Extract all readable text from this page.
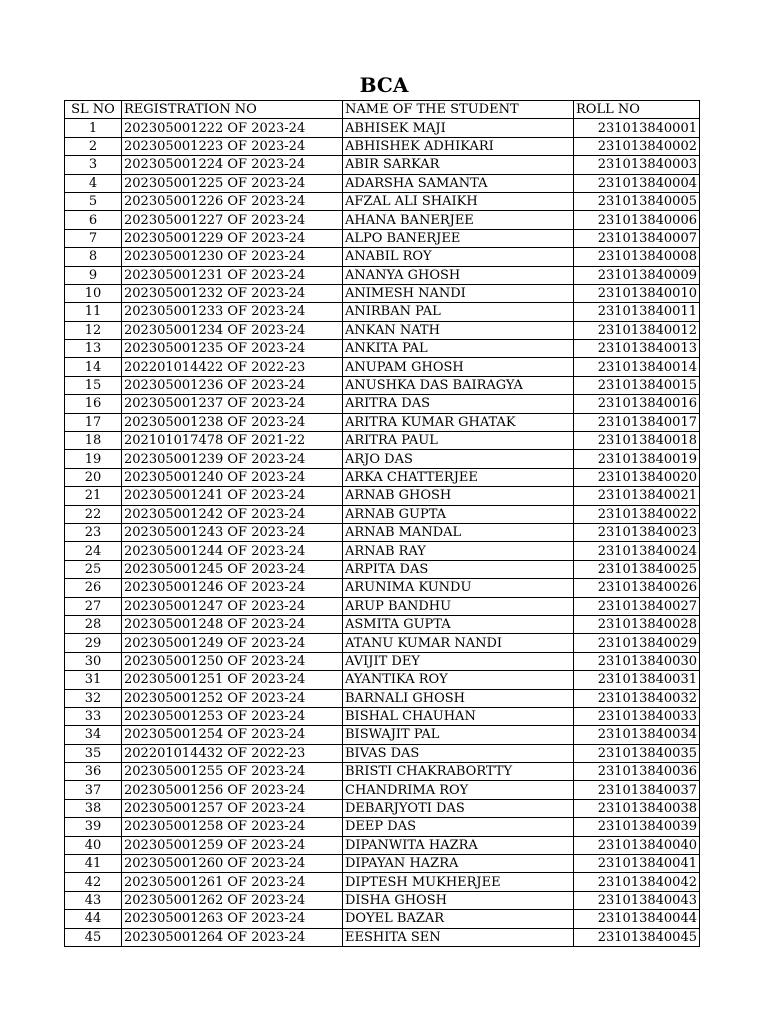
BCA
SL NO	REGISTRATION NO	NAME OF THE STUDENT	ROLL NO
1	202305001222 OF 2023-24	ABHISEK MAJI	231013840001
2	202305001223 OF 2023-24	ABHISHEK ADHIKARI	231013840002
3	202305001224 OF 2023-24	ABIR SARKAR	231013840003
4	202305001225 OF 2023-24	ADARSHA SAMANTA	231013840004
5	202305001226 OF 2023-24	AFZAL ALI SHAIKH	231013840005
6	202305001227 OF 2023-24	AHANA BANERJEE	231013840006
7	202305001229 OF 2023-24	ALPO BANERJEE	231013840007
8	202305001230 OF 2023-24	ANABIL ROY	231013840008
9	202305001231 OF 2023-24	ANANYA GHOSH	231013840009
10	202305001232 OF 2023-24	ANIMESH NANDI	231013840010
11	202305001233 OF 2023-24	ANIRBAN PAL	231013840011
12	202305001234 OF 2023-24	ANKAN NATH	231013840012
13	202305001235 OF 2023-24	ANKITA PAL	231013840013
14	202201014422 OF 2022-23	ANUPAM GHOSH	231013840014
15	202305001236 OF 2023-24	ANUSHKA DAS BAIRAGYA	231013840015
16	202305001237 OF 2023-24	ARITRA DAS	231013840016
17	202305001238 OF 2023-24	ARITRA KUMAR GHATAK	231013840017
18	202101017478 OF 2021-22	ARITRA PAUL	231013840018
19	202305001239 OF 2023-24	ARJO DAS	231013840019
20	202305001240 OF 2023-24	ARKA CHATTERJEE	231013840020
21	202305001241 OF 2023-24	ARNAB GHOSH	231013840021
22	202305001242 OF 2023-24	ARNAB GUPTA	231013840022
23	202305001243 OF 2023-24	ARNAB MANDAL	231013840023
24	202305001244 OF 2023-24	ARNAB RAY	231013840024
25	202305001245 OF 2023-24	ARPITA DAS	231013840025
26	202305001246 OF 2023-24	ARUNIMA KUNDU	231013840026
27	202305001247 OF 2023-24	ARUP BANDHU	231013840027
28	202305001248 OF 2023-24	ASMITA GUPTA	231013840028
29	202305001249 OF 2023-24	ATANU KUMAR NANDI	231013840029
30	202305001250 OF 2023-24	AVIJIT DEY	231013840030
31	202305001251 OF 2023-24	AYANTIKA ROY	231013840031
32	202305001252 OF 2023-24	BARNALI GHOSH	231013840032
33	202305001253 OF 2023-24	BISHAL CHAUHAN	231013840033
34	202305001254 OF 2023-24	BISWAJIT PAL	231013840034
35	202201014432 OF 2022-23	BIVAS DAS	231013840035
36	202305001255 OF 2023-24	BRISTI CHAKRABORTTY	231013840036
37	202305001256 OF 2023-24	CHANDRIMA ROY	231013840037
38	202305001257 OF 2023-24	DEBARJYOTI DAS	231013840038
39	202305001258 OF 2023-24	DEEP DAS	231013840039
40	202305001259 OF 2023-24	DIPANWITA HAZRA	231013840040
41	202305001260 OF 2023-24	DIPAYAN HAZRA	231013840041
42	202305001261 OF 2023-24	DIPTESH MUKHERJEE	231013840042
43	202305001262 OF 2023-24	DISHA GHOSH	231013840043
44	202305001263 OF 2023-24	DOYEL BAZAR	231013840044
45	202305001264 OF 2023-24	EESHITA SEN	231013840045
